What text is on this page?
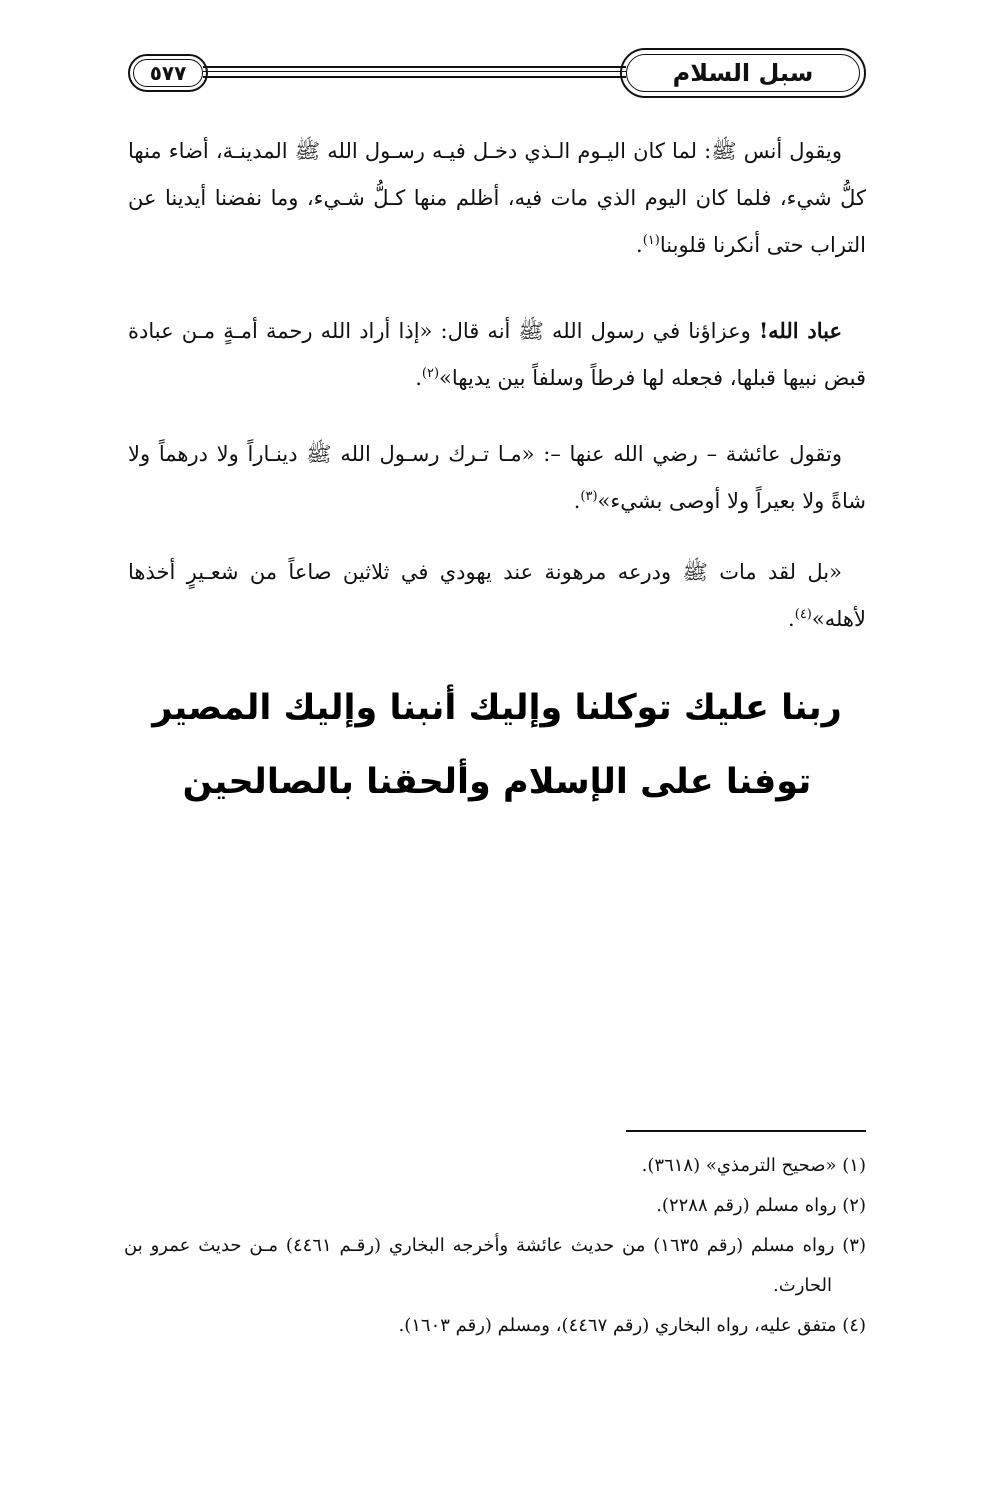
سبل السلام
٥٧٧

ويقول أنس ﷺ: لما كان اليـوم الـذي دخـل فيـه رسـول الله ﷺ المدينـة، أضاء منها كلُّ شيء، فلما كان اليوم الذي مات فيه، أظلم منها كـلُّ شـيء، وما نفضنا أيدينا عن التراب حتى أنكرنا قلوبنا$^{(١)}$.

عباد الله! وعزاؤنا في رسول الله ﷺ أنه قال: «إذا أراد الله رحمة أمـةٍ مـن عبادة قبض نبيها قبلها، فجعله لها فرطاً وسلفاً بين يديها»$^{(٢)}$.

وتقول عائشة – رضي الله عنها –: «مـا تـرك رسـول الله ﷺ دينـاراً ولا درهماً ولا شاةً ولا بعيراً ولا أوصى بشيء»$^{(٣)}$.

«بل لقد مات ﷺ ودرعه مرهونة عند يهودي في ثلاثين صاعاً من شعـيرٍ أخذها لأهله»$^{(٤)}$.

ربنا عليك توكلنا وإليك أنبنا وإليك المصير
توفنا على الإسلام وألحقنا بالصالحين

(١) «صحيح الترمذي» (٣٦١٨).

(٢) رواه مسلم (رقم ٢٢٨٨).

(٣) رواه مسلم (رقم ١٦٣٥) من حديث عائشة وأخرجه البخاري (رقـم ٤٤٦١) مـن حديث عمرو بن الحارث.

(٤) متفق عليه، رواه البخاري (رقم ٤٤٦٧)، ومسلم (رقم ١٦٠٣).
